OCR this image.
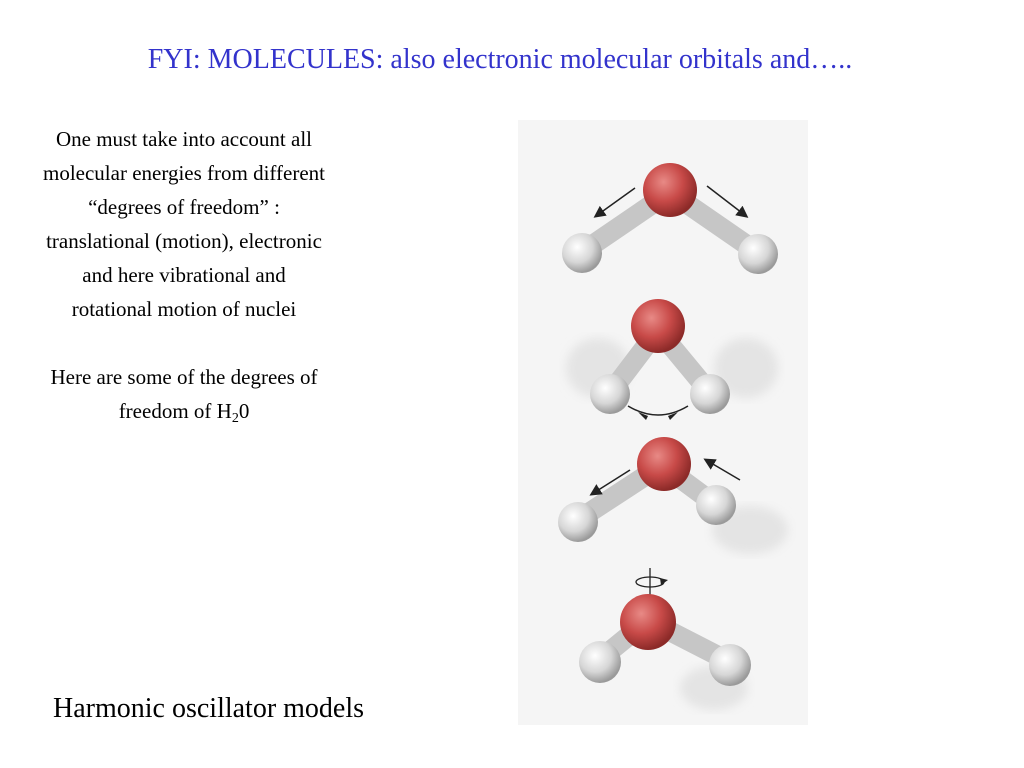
FYI: MOLECULES: also electronic molecular orbitals and…..

One must take into account all molecular energies from different “degrees of freedom” : translational (motion), electronic and here vibrational and rotational motion of nuclei

Here are some of the degrees of freedom of $H_20$

Harmonic oscillator models
